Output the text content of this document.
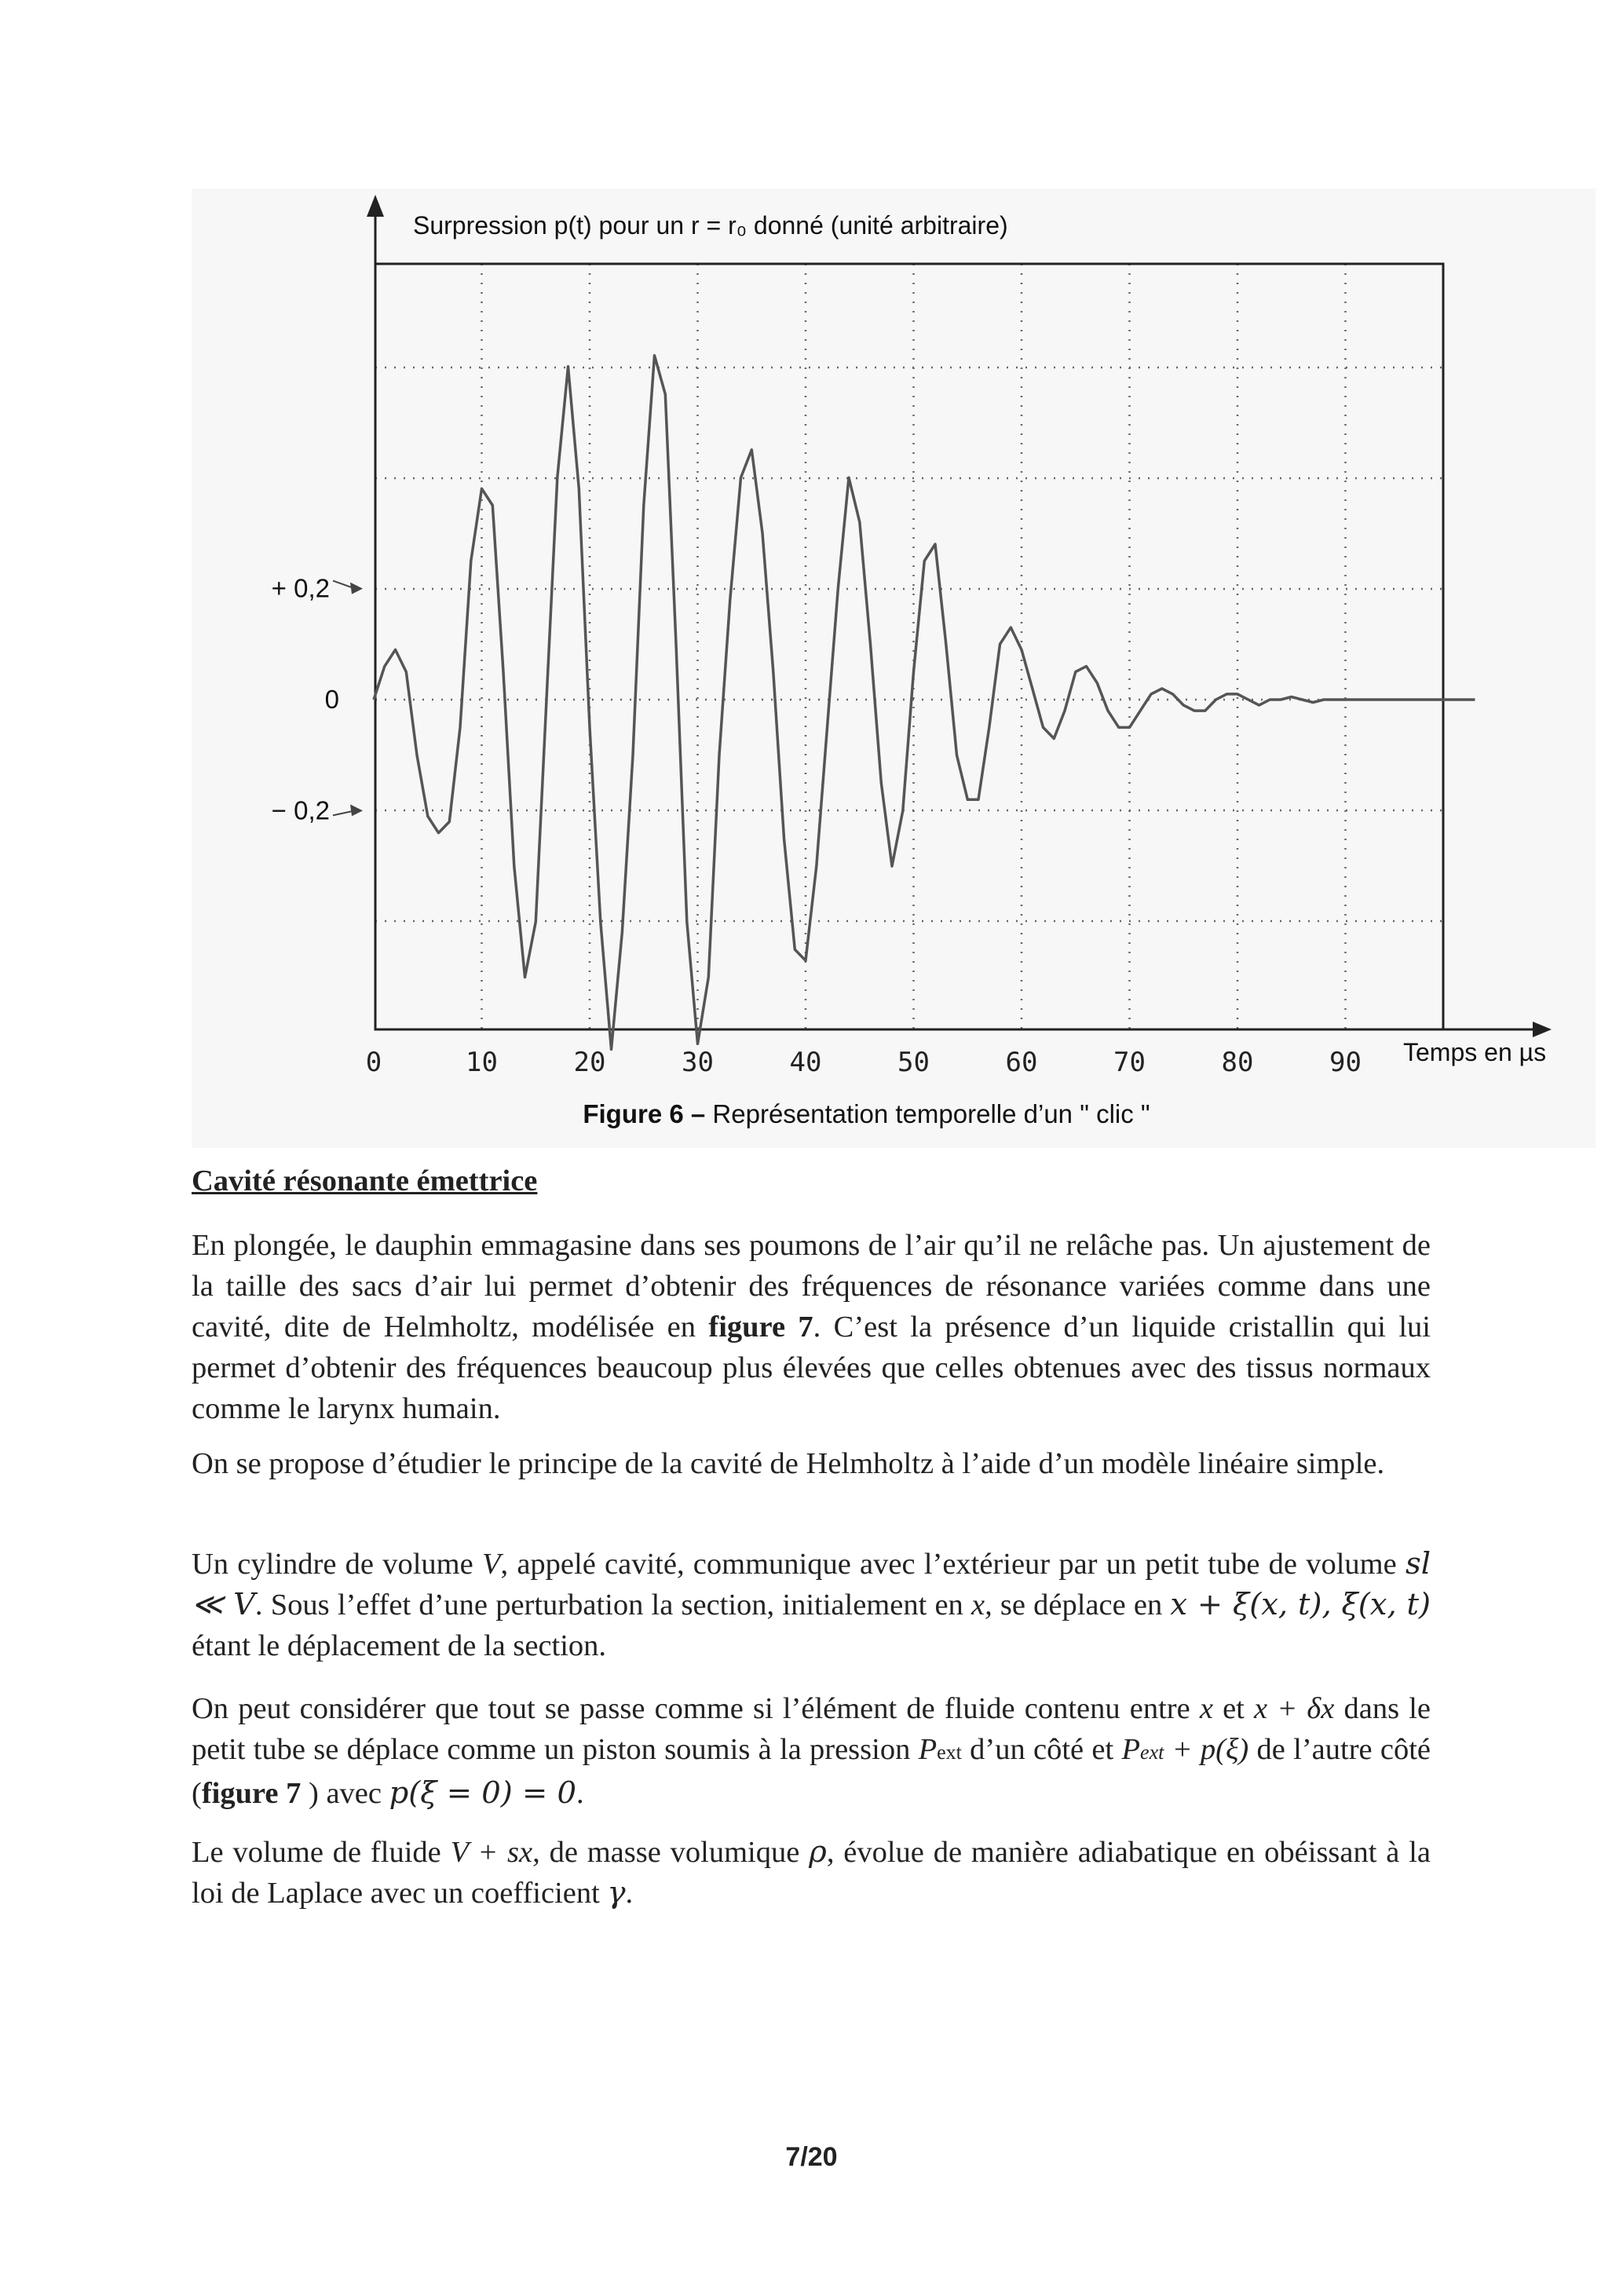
0	10	20	30	40	50	60	70	80	90
− 0,2
0
+ 0,2
Surpression p(t) pour un r = r₀ donné (unité arbitraire)
Temps en µs
Figure 6 – Représentation temporelle d’un " clic "
Cavité résonante émettrice
En plongée, le dauphin emmagasine dans ses poumons de l’air qu’il ne relâche pas. Un ajustement de la taille des sacs d’air lui permet d’obtenir des fréquences de résonance variées comme dans une cavité, dite de Helmholtz, modélisée en figure 7. C’est la présence d’un liquide cristallin qui lui permet d’obtenir des fréquences beaucoup plus élevées que celles obtenues avec des tissus normaux comme le larynx humain.
On se propose d’étudier le principe de la cavité de Helmholtz à l’aide d’un modèle linéaire simple.
Un cylindre de volume V, appelé cavité, communique avec l’extérieur par un petit tube de volume sl ≪ V. Sous l’effet d’une perturbation la section, initialement en x, se déplace en x + ξ(x, t), ξ(x, t) étant le déplacement de la section.
On peut considérer que tout se passe comme si l’élément de fluide contenu entre x et x + δx dans le petit tube se déplace comme un piston soumis à la pression Pext d’un côté et Pext + p(ξ) de l’autre côté (figure 7 ) avec p(ξ = 0) = 0.
Le volume de fluide V + sx, de masse volumique ρ, évolue de manière adiabatique en obéissant à la loi de Laplace avec un coefficient γ.
7/20
